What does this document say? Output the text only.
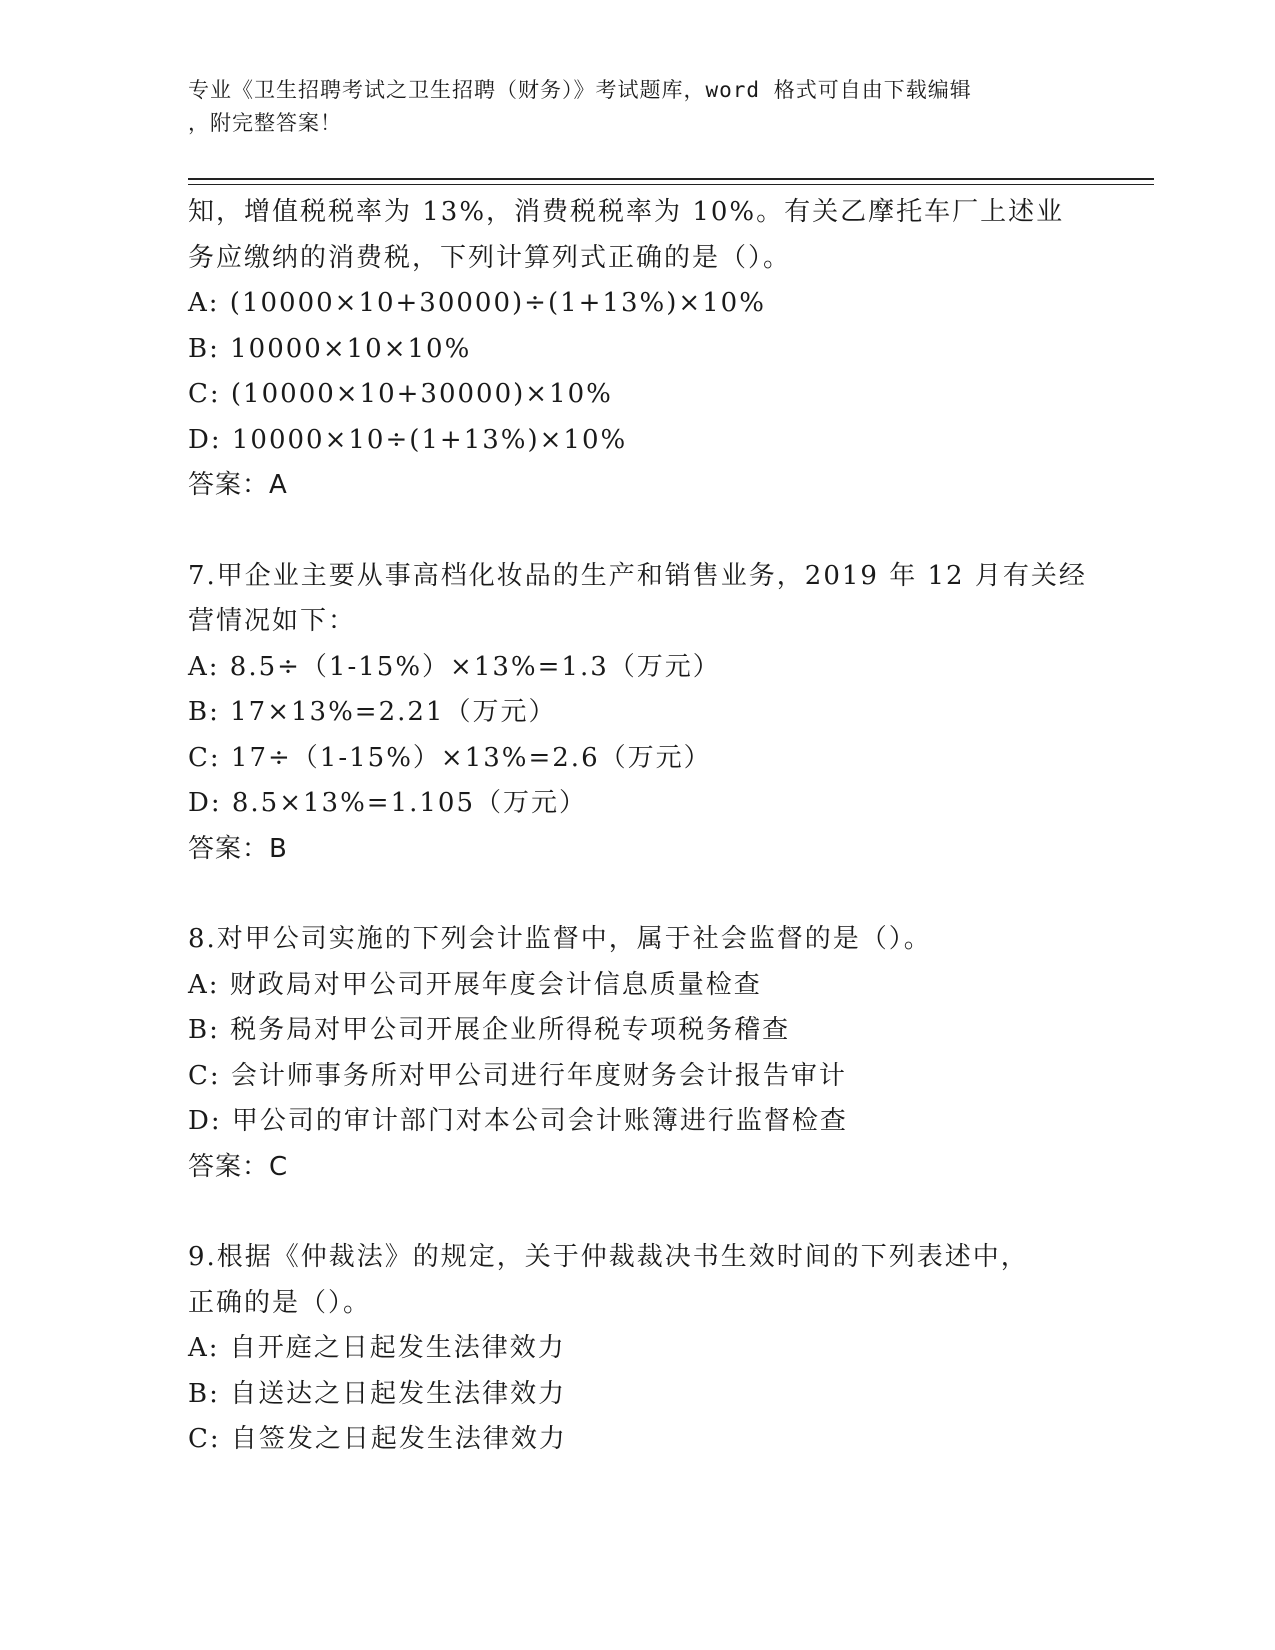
专业《卫生招聘考试之卫生招聘（财务）》考试题库，word 格式可自由下载编辑
，附完整答案！
知，增值税税率为 13%，消费税税率为 10%。有关乙摩托车厂上述业
务应缴纳的消费税，下列计算列式正确的是（）。
A: (10000×10+30000)÷(1+13%)×10%
B: 10000×10×10%
C: (10000×10+30000)×10%
D: 10000×10÷(1+13%)×10%
答案：A
7.甲企业主要从事高档化妆品的生产和销售业务，2019 年 12 月有关经
营情况如下：
A: 8.5÷（1-15%）×13%=1.3（万元）
B: 17×13%=2.21（万元）
C: 17÷（1-15%）×13%=2.6（万元）
D: 8.5×13%=1.105（万元）
答案：B
8.对甲公司实施的下列会计监督中，属于社会监督的是（）。
A: 财政局对甲公司开展年度会计信息质量检查
B: 税务局对甲公司开展企业所得税专项税务稽查
C: 会计师事务所对甲公司进行年度财务会计报告审计
D: 甲公司的审计部门对本公司会计账簿进行监督检查
答案：C
9.根据《仲裁法》的规定，关于仲裁裁决书生效时间的下列表述中，
正确的是（）。
A: 自开庭之日起发生法律效力
B: 自送达之日起发生法律效力
C: 自签发之日起发生法律效力
